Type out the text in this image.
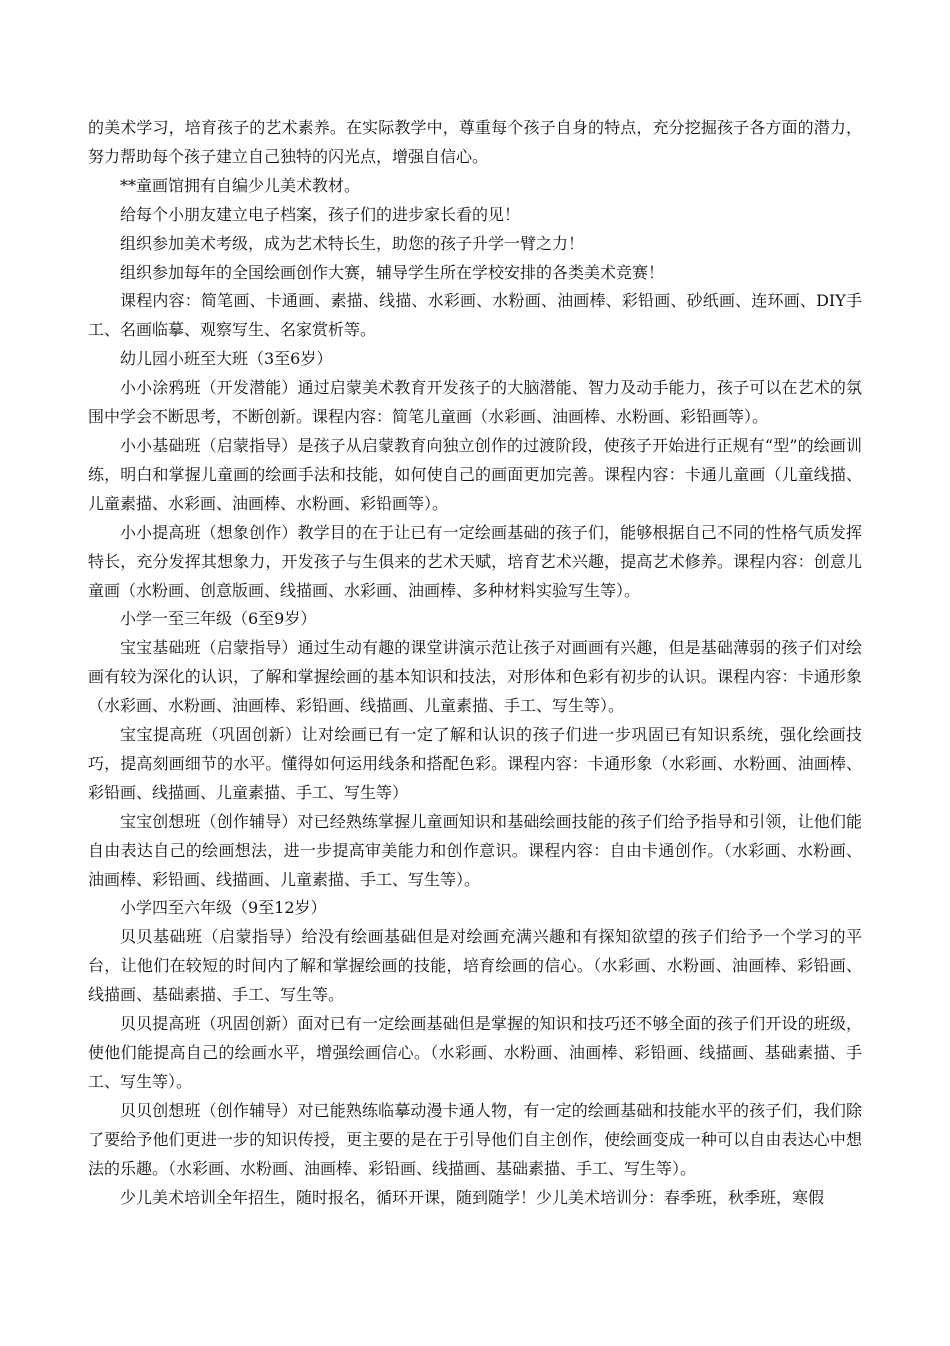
的美术学习，培育孩子的艺术素养。在实际教学中，尊重每个孩子自身的特点，充分挖掘孩子各方面的潜力，努力帮助每个孩子建立自己独特的闪光点，增强自信心。

**童画馆拥有自编少儿美术教材。

给每个小朋友建立电子档案，孩子们的进步家长看的见！

组织参加美术考级，成为艺术特长生，助您的孩子升学一臂之力！

组织参加每年的全国绘画创作大赛，辅导学生所在学校安排的各类美术竞赛！

课程内容：简笔画、卡通画、素描、线描、水彩画、水粉画、油画棒、彩铅画、砂纸画、连环画、DIY手工、名画临摹、观察写生、名家赏析等。

幼儿园小班至大班（3至6岁）

小小涂鸦班（开发潜能）通过启蒙美术教育开发孩子的大脑潜能、智力及动手能力，孩子可以在艺术的氛围中学会不断思考，不断创新。课程内容：简笔儿童画（水彩画、油画棒、水粉画、彩铅画等）。

小小基础班（启蒙指导）是孩子从启蒙教育向独立创作的过渡阶段，使孩子开始进行正规有“型”的绘画训练，明白和掌握儿童画的绘画手法和技能，如何使自己的画面更加完善。课程内容：卡通儿童画（儿童线描、儿童素描、水彩画、油画棒、水粉画、彩铅画等）。

小小提高班（想象创作）教学目的在于让已有一定绘画基础的孩子们，能够根据自己不同的性格气质发挥特长，充分发挥其想象力，开发孩子与生俱来的艺术天赋，培育艺术兴趣，提高艺术修养。课程内容：创意儿童画（水粉画、创意版画、线描画、水彩画、油画棒、多种材料实验写生等）。

小学一至三年级（6至9岁）

宝宝基础班（启蒙指导）通过生动有趣的课堂讲演示范让孩子对画画有兴趣，但是基础薄弱的孩子们对绘画有较为深化的认识，了解和掌握绘画的基本知识和技法，对形体和色彩有初步的认识。课程内容：卡通形象（水彩画、水粉画、油画棒、彩铅画、线描画、儿童素描、手工、写生等）。

宝宝提高班（巩固创新）让对绘画已有一定了解和认识的孩子们进一步巩固已有知识系统，强化绘画技巧，提高刻画细节的水平。懂得如何运用线条和搭配色彩。课程内容：卡通形象（水彩画、水粉画、油画棒、彩铅画、线描画、儿童素描、手工、写生等）

宝宝创想班（创作辅导）对已经熟练掌握儿童画知识和基础绘画技能的孩子们给予指导和引领，让他们能自由表达自己的绘画想法，进一步提高审美能力和创作意识。课程内容：自由卡通创作。（水彩画、水粉画、油画棒、彩铅画、线描画、儿童素描、手工、写生等）。

小学四至六年级（9至12岁）

贝贝基础班（启蒙指导）给没有绘画基础但是对绘画充满兴趣和有探知欲望的孩子们给予一个学习的平台，让他们在较短的时间内了解和掌握绘画的技能，培育绘画的信心。（水彩画、水粉画、油画棒、彩铅画、线描画、基础素描、手工、写生等。

贝贝提高班（巩固创新）面对已有一定绘画基础但是掌握的知识和技巧还不够全面的孩子们开设的班级，使他们能提高自己的绘画水平，增强绘画信心。（水彩画、水粉画、油画棒、彩铅画、线描画、基础素描、手工、写生等）。

贝贝创想班（创作辅导）对已能熟练临摹动漫卡通人物，有一定的绘画基础和技能水平的孩子们，我们除了要给予他们更进一步的知识传授，更主要的是在于引导他们自主创作，使绘画变成一种可以自由表达心中想法的乐趣。（水彩画、水粉画、油画棒、彩铅画、线描画、基础素描、手工、写生等）。

少儿美术培训全年招生，随时报名，循环开课，随到随学！少儿美术培训分：春季班，秋季班，寒假
